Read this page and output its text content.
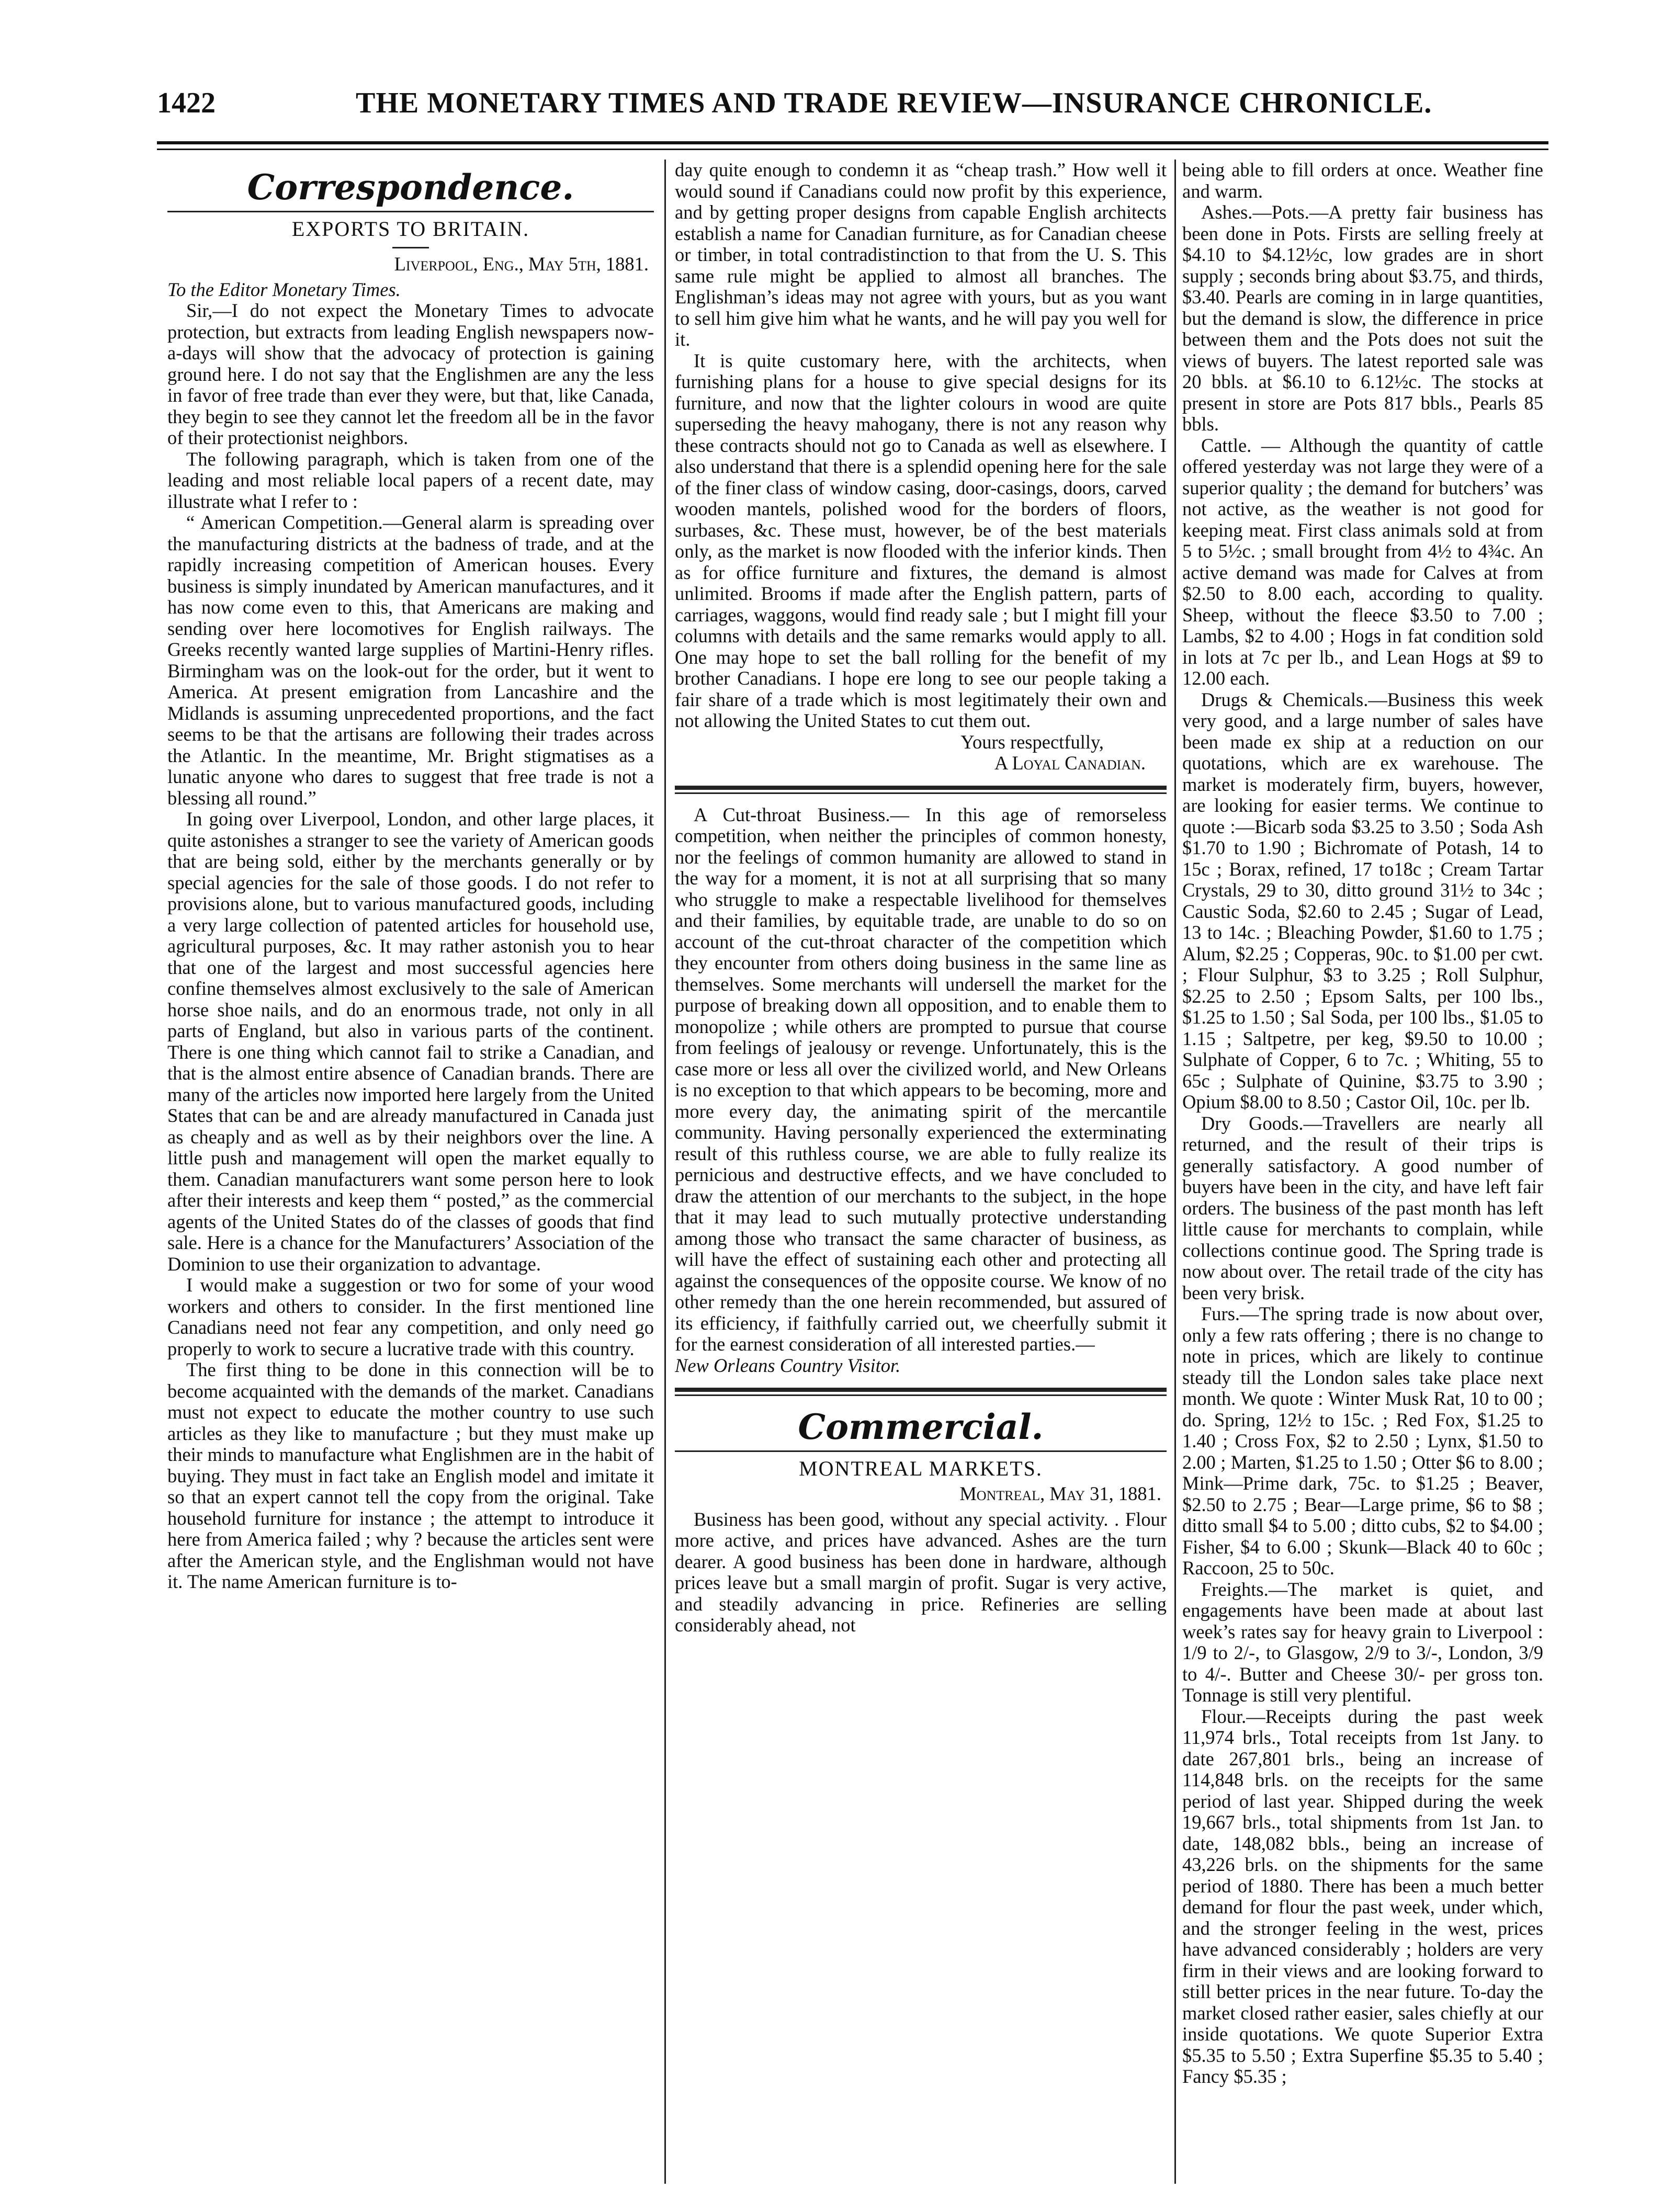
1422	THE MONETARY TIMES AND TRADE REVIEW—INSURANCE CHRONICLE.
Correspondence.
EXPORTS TO BRITAIN.
Liverpool, Eng., May 5th, 1881.

To the Editor Monetary Times.

Sir,—I do not expect the Monetary Times to advocate protection, but extracts from leading English newspapers now-a-days will show that the advocacy of protection is gaining ground here. I do not say that the Englishmen are any the less in favor of free trade than ever they were, but that, like Canada, they begin to see they cannot let the freedom all be in the favor of their protectionist neighbors.

The following paragraph, which is taken from one of the leading and most reliable local papers of a recent date, may illustrate what I refer to :

“ American Competition.—General alarm is spreading over the manufacturing districts at the badness of trade, and at the rapidly increasing competition of American houses. Every business is simply inundated by American manufactures, and it has now come even to this, that Americans are making and sending over here locomotives for English railways. The Greeks recently wanted large supplies of Martini-Henry rifles. Birmingham was on the look-out for the order, but it went to America. At present emigration from Lancashire and the Midlands is assuming unprecedented proportions, and the fact seems to be that the artisans are following their trades across the Atlantic. In the meantime, Mr. Bright stigmatises as a lunatic anyone who dares to suggest that free trade is not a blessing all round.”

In going over Liverpool, London, and other large places, it quite astonishes a stranger to see the variety of American goods that are being sold, either by the merchants generally or by special agencies for the sale of those goods. I do not refer to provisions alone, but to various manufactured goods, including a very large collection of patented articles for household use, agricultural purposes, &c. It may rather astonish you to hear that one of the largest and most successful agencies here confine themselves almost exclusively to the sale of American horse shoe nails, and do an enormous trade, not only in all parts of England, but also in various parts of the continent. There is one thing which cannot fail to strike a Canadian, and that is the almost entire absence of Canadian brands. There are many of the articles now imported here largely from the United States that can be and are already manufactured in Canada just as cheaply and as well as by their neighbors over the line. A little push and management will open the market equally to them. Canadian manufacturers want some person here to look after their interests and keep them “ posted,” as the commercial agents of the United States do of the classes of goods that find sale. Here is a chance for the Manufacturers’ Association of the Dominion to use their organization to advantage.

I would make a suggestion or two for some of your wood workers and others to consider. In the first mentioned line Canadians need not fear any competition, and only need go properly to work to secure a lucrative trade with this country.

The first thing to be done in this connection will be to become acquainted with the demands of the market. Canadians must not expect to educate the mother country to use such articles as they like to manufacture ; but they must make up their minds to manufacture what Englishmen are in the habit of buying. They must in fact take an English model and imitate it so that an expert cannot tell the copy from the original. Take household furniture for instance ; the attempt to introduce it here from America failed ; why ? because the articles sent were after the American style, and the Englishman would not have it. The name American furniture is to-

day quite enough to condemn it as “cheap trash.” How well it would sound if Canadians could now profit by this experience, and by getting proper designs from capable English architects establish a name for Canadian furniture, as for Canadian cheese or timber, in total contradistinction to that from the U. S. This same rule might be applied to almost all branches. The Englishman’s ideas may not agree with yours, but as you want to sell him give him what he wants, and he will pay you well for it.

It is quite customary here, with the architects, when furnishing plans for a house to give special designs for its furniture, and now that the lighter colours in wood are quite superseding the heavy mahogany, there is not any reason why these contracts should not go to Canada as well as elsewhere. I also understand that there is a splendid opening here for the sale of the finer class of window casing, door-casings, doors, carved wooden mantels, polished wood for the borders of floors, surbases, &c. These must, however, be of the best materials only, as the market is now flooded with the inferior kinds. Then as for office furniture and fixtures, the demand is almost unlimited. Brooms if made after the English pattern, parts of carriages, waggons, would find ready sale ; but I might fill your columns with details and the same remarks would apply to all. One may hope to set the ball rolling for the benefit of my brother Canadians. I hope ere long to see our people taking a fair share of a trade which is most legitimately their own and not allowing the United States to cut them out.

Yours respectfully,

A Loyal Canadian.

A Cut-throat Business.— In this age of remorseless competition, when neither the principles of common honesty, nor the feelings of common humanity are allowed to stand in the way for a moment, it is not at all surprising that so many who struggle to make a respectable livelihood for themselves and their families, by equitable trade, are unable to do so on account of the cut-throat character of the competition which they encounter from others doing business in the same line as themselves. Some merchants will undersell the market for the purpose of breaking down all opposition, and to enable them to monopolize ; while others are prompted to pursue that course from feelings of jealousy or revenge. Unfortunately, this is the case more or less all over the civilized world, and New Orleans is no exception to that which appears to be becoming, more and more every day, the animating spirit of the mercantile community. Having personally experienced the exterminating result of this ruthless course, we are able to fully realize its pernicious and destructive effects, and we have concluded to draw the attention of our merchants to the subject, in the hope that it may lead to such mutually protective understanding among those who transact the same character of business, as will have the effect of sustaining each other and protecting all against the consequences of the opposite course. We know of no other remedy than the one herein recommended, but assured of its efficiency, if faithfully carried out, we cheerfully submit it for the earnest consideration of all interested parties.—

New Orleans Country Visitor.

Commercial.
MONTREAL MARKETS.
Montreal, May 31, 1881.

Business has been good, without any special activity. . Flour more active, and prices have advanced. Ashes are the turn dearer. A good business has been done in hardware, although prices leave but a small margin of profit. Sugar is very active, and steadily advancing in price. Refineries are selling considerably ahead, not

being able to fill orders at once. Weather fine and warm.

Ashes.—Pots.—A pretty fair business has been done in Pots. Firsts are selling freely at $4.10 to $4.12½c, low grades are in short supply ; seconds bring about $3.75, and thirds, $3.40. Pearls are coming in in large quantities, but the demand is slow, the difference in price between them and the Pots does not suit the views of buyers. The latest reported sale was 20 bbls. at $6.10 to 6.12½c. The stocks at present in store are Pots 817 bbls., Pearls 85 bbls.

Cattle. — Although the quantity of cattle offered yesterday was not large they were of a superior quality ; the demand for butchers’ was not active, as the weather is not good for keeping meat. First class animals sold at from 5 to 5½c. ; small brought from 4½ to 4¾c. An active demand was made for Calves at from $2.50 to 8.00 each, according to quality. Sheep, without the fleece $3.50 to 7.00 ; Lambs, $2 to 4.00 ; Hogs in fat condition sold in lots at 7c per lb., and Lean Hogs at $9 to 12.00 each.

Drugs & Chemicals.—Business this week very good, and a large number of sales have been made ex ship at a reduction on our quotations, which are ex warehouse. The market is moderately firm, buyers, however, are looking for easier terms. We continue to quote :—Bicarb soda $3.25 to 3.50 ; Soda Ash $1.70 to 1.90 ; Bichromate of Potash, 14 to 15c ; Borax, refined, 17 to18c ; Cream Tartar Crystals, 29 to 30, ditto ground 31½ to 34c ; Caustic Soda, $2.60 to 2.45 ; Sugar of Lead, 13 to 14c. ; Bleaching Powder, $1.60 to 1.75 ; Alum, $2.25 ; Copperas, 90c. to $1.00 per cwt. ; Flour Sulphur, $3 to 3.25 ; Roll Sulphur, $2.25 to 2.50 ; Epsom Salts, per 100 lbs., $1.25 to 1.50 ; Sal Soda, per 100 lbs., $1.05 to 1.15 ; Saltpetre, per keg, $9.50 to 10.00 ; Sulphate of Copper, 6 to 7c. ; Whiting, 55 to 65c ; Sulphate of Quinine, $3.75 to 3.90 ; Opium $8.00 to 8.50 ; Castor Oil, 10c. per lb.

Dry Goods.—Travellers are nearly all returned, and the result of their trips is generally satisfactory. A good number of buyers have been in the city, and have left fair orders. The business of the past month has left little cause for merchants to complain, while collections continue good. The Spring trade is now about over. The retail trade of the city has been very brisk.

Furs.—The spring trade is now about over, only a few rats offering ; there is no change to note in prices, which are likely to continue steady till the London sales take place next month. We quote : Winter Musk Rat, 10 to 00 ; do. Spring, 12½ to 15c. ; Red Fox, $1.25 to 1.40 ; Cross Fox, $2 to 2.50 ; Lynx, $1.50 to 2.00 ; Marten, $1.25 to 1.50 ; Otter $6 to 8.00 ; Mink—Prime dark, 75c. to $1.25 ; Beaver, $2.50 to 2.75 ; Bear—Large prime, $6 to $8 ; ditto small $4 to 5.00 ; ditto cubs, $2 to $4.00 ; Fisher, $4 to 6.00 ; Skunk—Black 40 to 60c ; Raccoon, 25 to 50c.

Freights.—The market is quiet, and engagements have been made at about last week’s rates say for heavy grain to Liverpool : 1/9 to 2/-, to Glasgow, 2/9 to 3/-, London, 3/9 to 4/-. Butter and Cheese 30/- per gross ton. Tonnage is still very plentiful.

Flour.—Receipts during the past week 11,974 brls., Total receipts from 1st Jany. to date 267,801 brls., being an increase of 114,848 brls. on the receipts for the same period of last year. Shipped during the week 19,667 brls., total shipments from 1st Jan. to date, 148,082 bbls., being an increase of 43,226 brls. on the shipments for the same period of 1880. There has been a much better demand for flour the past week, under which, and the stronger feeling in the west, prices have advanced considerably ; holders are very firm in their views and are looking forward to still better prices in the near future. To-day the market closed rather easier, sales chiefly at our inside quotations. We quote Superior Extra $5.35 to 5.50 ; Extra Superfine $5.35 to 5.40 ; Fancy $5.35 ;
